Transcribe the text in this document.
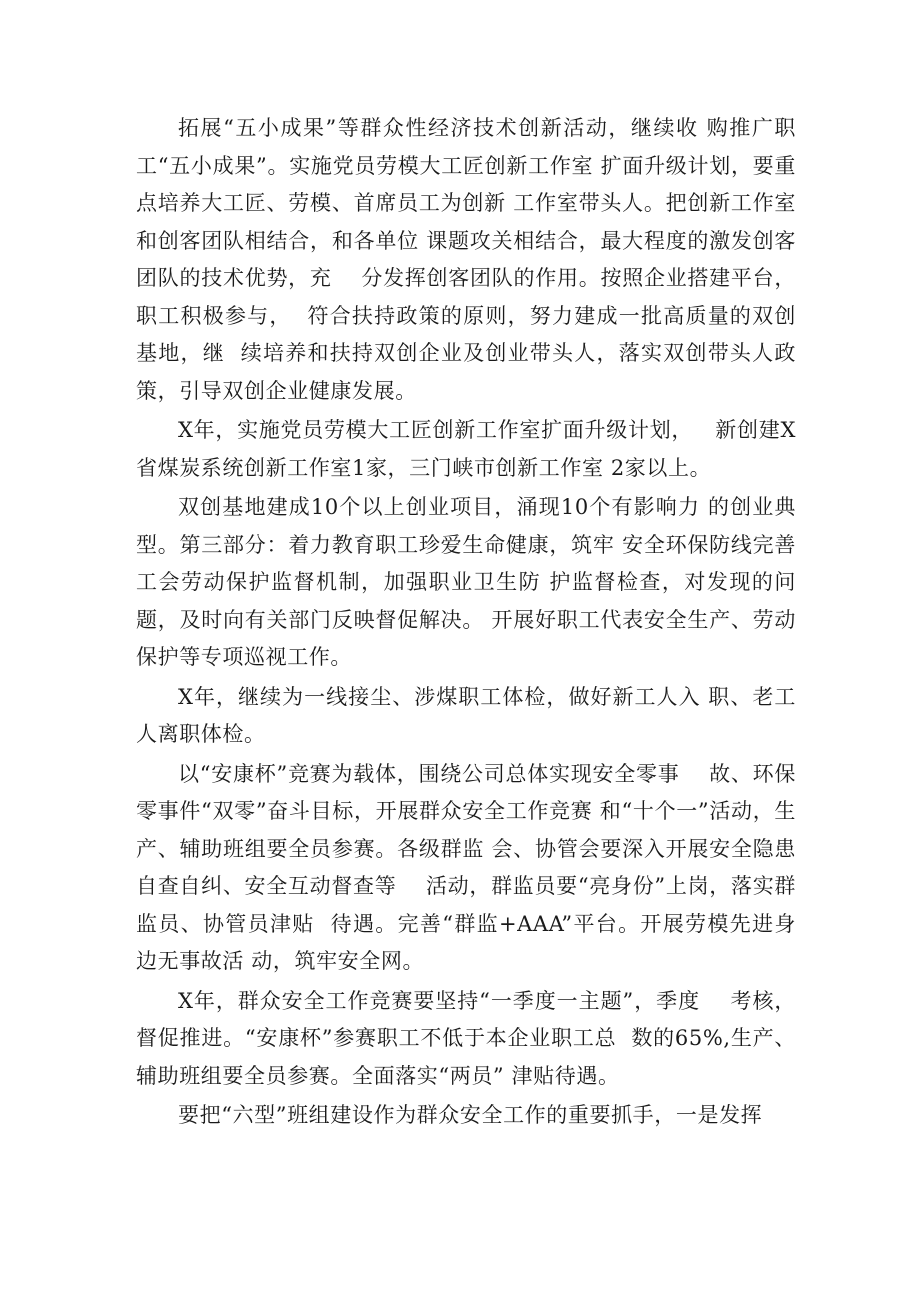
拓展“五小成果”等群众性经济技术创新活动，继续收 购推广职工“五小成果”。实施党员劳模大工匠创新工作室 扩面升级计划，要重点培养大工匠、劳模、首席员工为创新 工作室带头人。把创新工作室和创客团队相结合，和各单位 课题攻关相结合，最大程度的激发创客团队的技术优势，充    分发挥创客团队的作用。按照企业搭建平台，职工积极参与，  符合扶持政策的原则，努力建成一批高质量的双创基地，继  续培养和扶持双创企业及创业带头人，落实双创带头人政策，引导双创企业健康发展。

X年，实施党员劳模大工匠创新工作室扩面升级计划，   新创建X省煤炭系统创新工作室1家，三门峡市创新工作室 2家以上。

双创基地建成10个以上创业项目，涌现10个有影响力 的创业典型。第三部分：着力教育职工珍爱生命健康，筑牢 安全环保防线完善工会劳动保护监督机制，加强职业卫生防 护监督检查，对发现的问题，及时向有关部门反映督促解决。 开展好职工代表安全生产、劳动保护等专项巡视工作。

X年，继续为一线接尘、涉煤职工体检，做好新工人入 职、老工人离职体检。

以“安康杯”竞赛为载体，围绕公司总体实现安全零事    故、环保零事件“双零”奋斗目标，开展群众安全工作竞赛 和“十个一”活动，生产、辅助班组要全员参赛。各级群监 会、协管会要深入开展安全隐患自查自纠、安全互动督查等    活动，群监员要“亮身份”上岗，落实群监员、协管员津贴  待遇。完善“群监+AAA”平台。开展劳模先进身边无事故活 动，筑牢安全网。

X年，群众安全工作竞赛要坚持“一季度一主题”，季度    考核，督促推进。“安康杯”参赛职工不低于本企业职工总  数的65%,生产、辅助班组要全员参赛。全面落实“两员” 津贴待遇。

要把“六型”班组建设作为群众安全工作的重要抓手，一是发挥
